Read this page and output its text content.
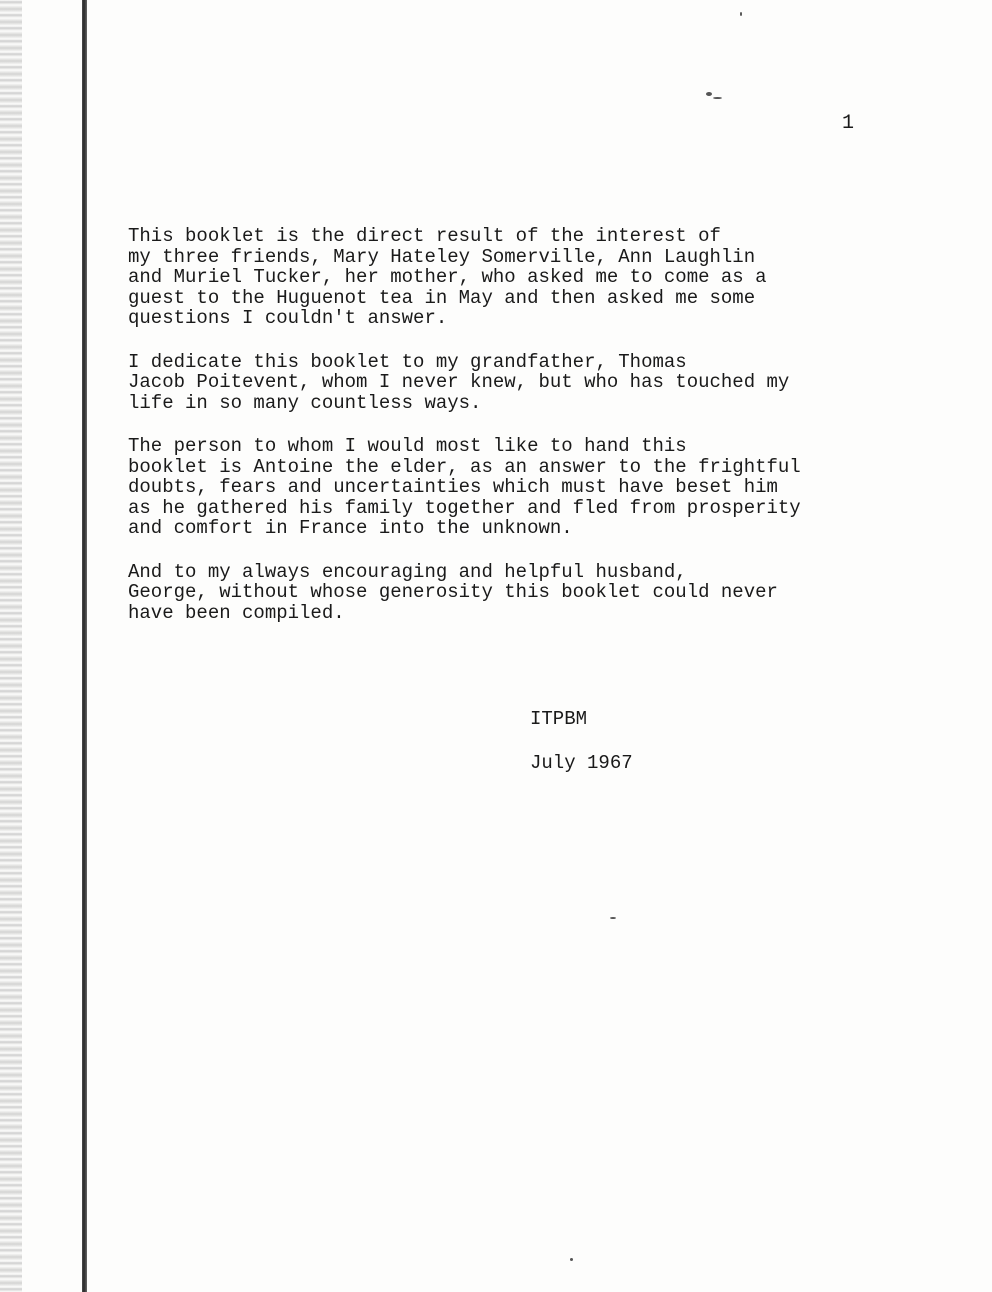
1

This booklet is the direct result of the interest of
my three friends, Mary Hateley Somerville, Ann Laughlin
and Muriel Tucker, her mother, who asked me to come as a
guest to the Huguenot tea in May and then asked me some
questions I couldn't answer.

I dedicate this booklet to my grandfather, Thomas
Jacob Poitevent, whom I never knew, but who has touched my
life in so many countless ways.

The person to whom I would most like to hand this
booklet is Antoine the elder, as an answer to the frightful
doubts, fears and uncertainties which must have beset him
as he gathered his family together and fled from prosperity
and comfort in France into the unknown.

And to my always encouraging and helpful husband,
George, without whose generosity this booklet could never
have been compiled.

ITPBM
July 1967
